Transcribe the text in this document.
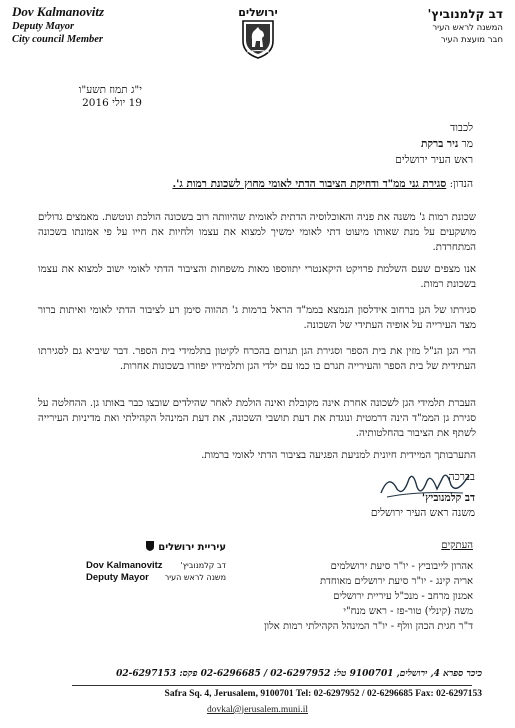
Dov Kalmanovitz
Deputy Mayor
City council Member
ירושלים	דב קלמנוביץ'
המשנה לראש העיר
חבר מועצת העיר
י"ג תמוז תשע"ו
19 יולי 2016
לכבוד
מר ניר ברקת
ראש העיר ירושלים
הנדון: סגירת גני ממ"ד ודחיקת הציבור הדתי לאומי מחוץ לשכונת רמות ג'.
שכונת רמות ג' משנה את פניה והאוכלוסיה הדתית לאומית שהיוותה רוב בשכונה הולכת ונוטשת. מאמצים גדולים מושקעים על מנת שאותו מיעוט דתי לאומי ימשיך למצוא את עצמו ולחיות את חייו על פי אמונתו בשכונה המתחרדת.
אנו מצפים שעם השלמת פרויקט היקאנטרי יתווספו מאות משפחות והציבור הדתי לאומי ישוב למצוא את עצמו בשכונת רמות.
סגירתו של הגן ברחוב אידלסון הנמצא בממ"ד הראל ברמות ג' תהווה סימן רע לציבור הדתי לאומי ואיתות ברור מצד העירייה על אופיה העתידי של השכונה.
הרי הגן הנ"ל מזין את בית הספר וסגירת הגן תגרום בהכרח לקיטון בתלמידי בית הספר. דבר שיביא גם לסגירתו העתידית של בית הספר והעירייה תגרם בו כמו עם ילדי הגן ותלמידיו יפוזרו בשכונות אחרות.
העברת תלמידי הגן לשכונה אחרת אינה מקובלת ואינה הולמת לאחר שהילדים שובצו כבר באותו גן. ההחלטה על סגירת גן הממ"ד הינה דרמטית ונוגדת את דעת תושבי השכונה, את דעת המינהל הקהילתי ואת מדיניות העירייה לשתף את הציבור בהחלטותיה.
התערבותך המיידית חיונית למניעת הפגיעה בציבור הדתי לאומי ברמות.
בברכה
דב קלמנוביץ'
משנה ראש העיר ירושלים
עיריית ירושלים
Dov Kalmanovitz
Deputy Mayor
דב קלמנוביץ'
משנה לראש העיר
העתקים
אהרון לייבוביץ - יו"ר סיעת ירושלמים
אריה קינג - יו"ר סיעת ירושלים מאוחדת
אמנון מרחב - מנכ"ל עיריית ירושלים
משה (קינלי) טור-פז - ראש מנח"י
ד"ר חגית הכהן וולף - יו"ר המינהל הקהילתי רמות אלון
כיכר ספרא 4, ירושלים, 9100701 טל: 02-6297952 / 02-6296685 פקס: 02-6297153
Safra Sq. 4, Jerusalem, 9100701 Tel: 02-6297952 / 02-6296685 Fax: 02-6297153
dovkal@jerusalem.muni.il
